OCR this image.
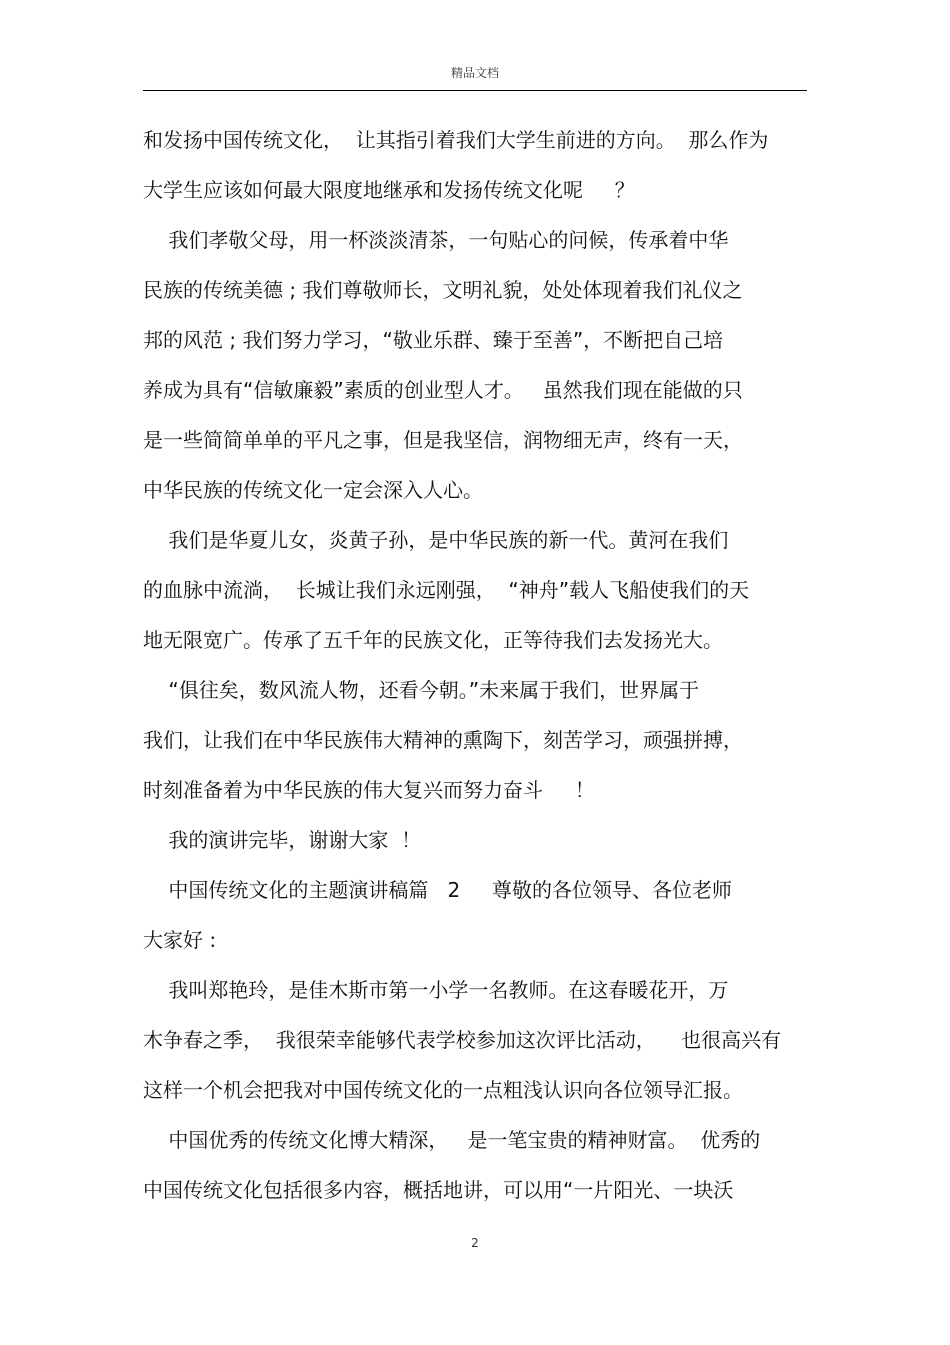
精品文档
和发扬中国传统文化，  让其指引着我们大学生前进的方向。  那么作为
大学生应该如何最大限度地继承和发扬传统文化呢     ？
我们孝敬父母，用一杯淡淡清茶，一句贴心的问候，传承着中华
民族的传统美德 ; 我们尊敬师长，文明礼貌，处处体现着我们礼仪之
邦的风范 ; 我们努力学习，“敬业乐群、臻于至善”，不断把自己培
养成为具有“信敏廉毅”素质的创业型人才。   虽然我们现在能做的只
是一些简简单单的平凡之事，但是我坚信，润物细无声，终有一天，
中华民族的传统文化一定会深入人心。
我们是华夏儿女，炎黄子孙，是中华民族的新一代。黄河在我们
的血脉中流淌，  长城让我们永远刚强，  “神舟”载人飞船使我们的天
地无限宽广。传承了五千年的民族文化，正等待我们去发扬光大。
“俱往矣，数风流人物，还看今朝。”未来属于我们，世界属于
我们，让我们在中华民族伟大精神的熏陶下，刻苦学习，顽强拼搏，
时刻准备着为中华民族的伟大复兴而努力奋斗     ！
我的演讲完毕，谢谢大家  ！
中国传统文化的主题演讲稿篇   2     尊敬的各位领导、各位老师
大家好 :
我叫郑艳玲，是佳木斯市第一小学一名教师。在这春暖花开，万
木争春之季，  我很荣幸能够代表学校参加这次评比活动，    也很高兴有
这样一个机会把我对中国传统文化的一点粗浅认识向各位领导汇报。
中国优秀的传统文化博大精深，   是一笔宝贵的精神财富。  优秀的
中国传统文化包括很多内容，概括地讲，可以用“一片阳光、一块沃
2
